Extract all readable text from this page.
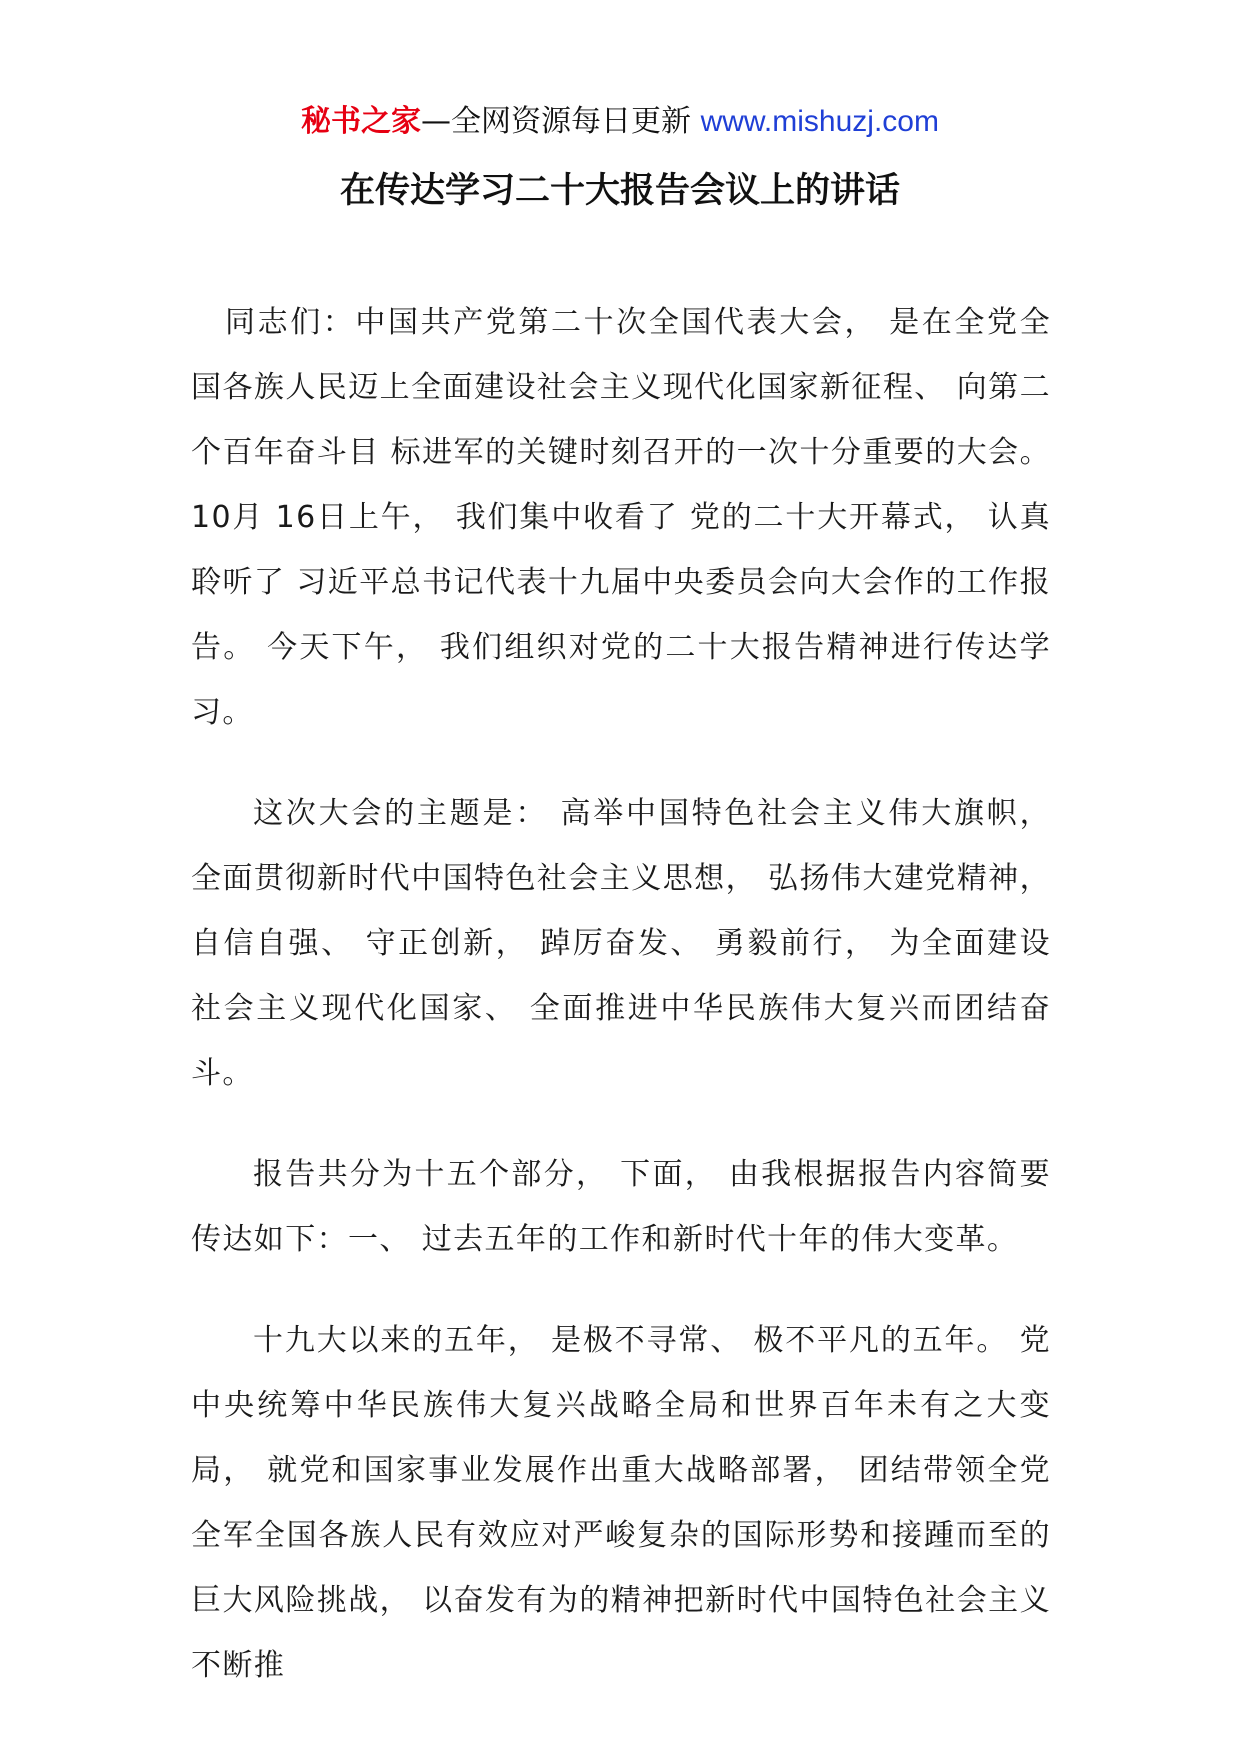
秘书之家—全网资源每日更新 www.mishuzj.com
在传达学习二十大报告会议上的讲话

同志们：中国共产党第二十次全国代表大会， 是在全党全国各族人民迈上全面建设社会主义现代化国家新征程、 向第二个百年奋斗目 标进军的关键时刻召开的一次十分重要的大会。10月 16日上午， 我们集中收看了 党的二十大开幕式， 认真聆听了 习近平总书记代表十九届中央委员会向大会作的工作报告。 今天下午， 我们组织对党的二十大报告精神进行传达学习。

这次大会的主题是： 高举中国特色社会主义伟大旗帜， 全面贯彻新时代中国特色社会主义思想， 弘扬伟大建党精神， 自信自强、 守正创新， 踔厉奋发、 勇毅前行， 为全面建设社会主义现代化国家、 全面推进中华民族伟大复兴而团结奋斗。

报告共分为十五个部分， 下面， 由我根据报告内容简要传达如下：一、 过去五年的工作和新时代十年的伟大变革。

十九大以来的五年， 是极不寻常、 极不平凡的五年。 党中央统筹中华民族伟大复兴战略全局和世界百年未有之大变局， 就党和国家事业发展作出重大战略部署， 团结带领全党全军全国各族人民有效应对严峻复杂的国际形势和接踵而至的巨大风险挑战， 以奋发有为的精神把新时代中国特色社会主义不断推
